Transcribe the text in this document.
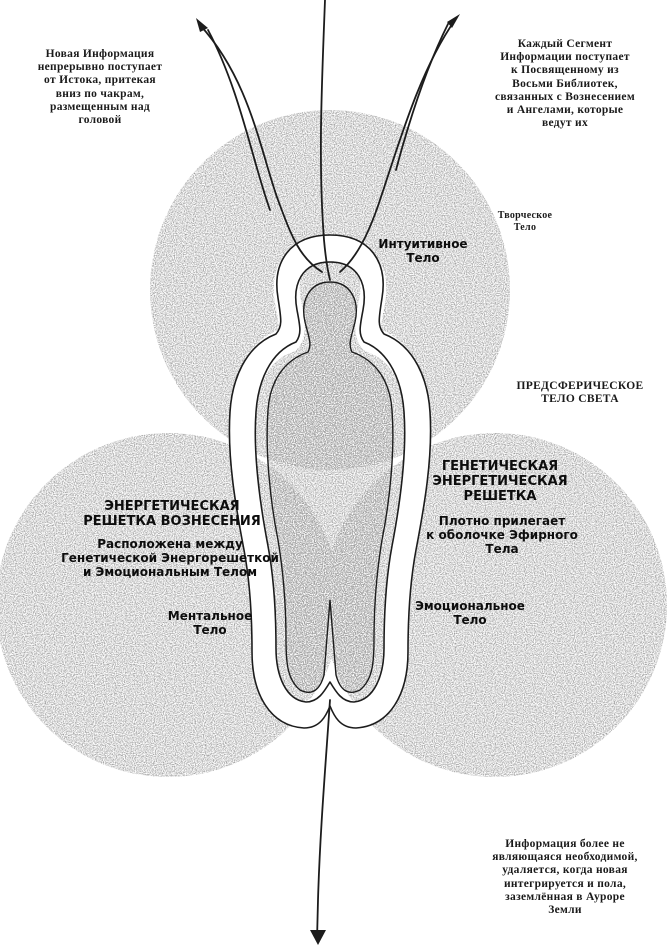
Новая Информация
непрерывно поступает
от Истока, притекая
вниз по чакрам,
размещенным над
головой
Каждый Сегмент
Информации поступает
к Посвященному из
Восьми Библиотек,
связанных с Вознесением
и Ангелами, которые
ведут их
Творческое
Тело
Интуитивное
Тело
ПРЕДСФЕРИЧЕСКОЕ
ТЕЛО СВЕТА
ГЕНЕТИЧЕСКАЯ
ЭНЕРГЕТИЧЕСКАЯ
РЕШЕТКА
Плотно прилегает
к оболочке Эфирного
Тела
ЭНЕРГЕТИЧЕСКАЯ
РЕШЕТКА ВОЗНЕСЕНИЯ
Расположена между
Генетической Энергорешеткой
и Эмоциональным Телом
Ментальное
Тело
Эмоциональное
Тело
Информация более не
являющаяся необходимой,
удаляется, когда новая
интегрируется и пола,
заземлённая в Ауроре
Земли
